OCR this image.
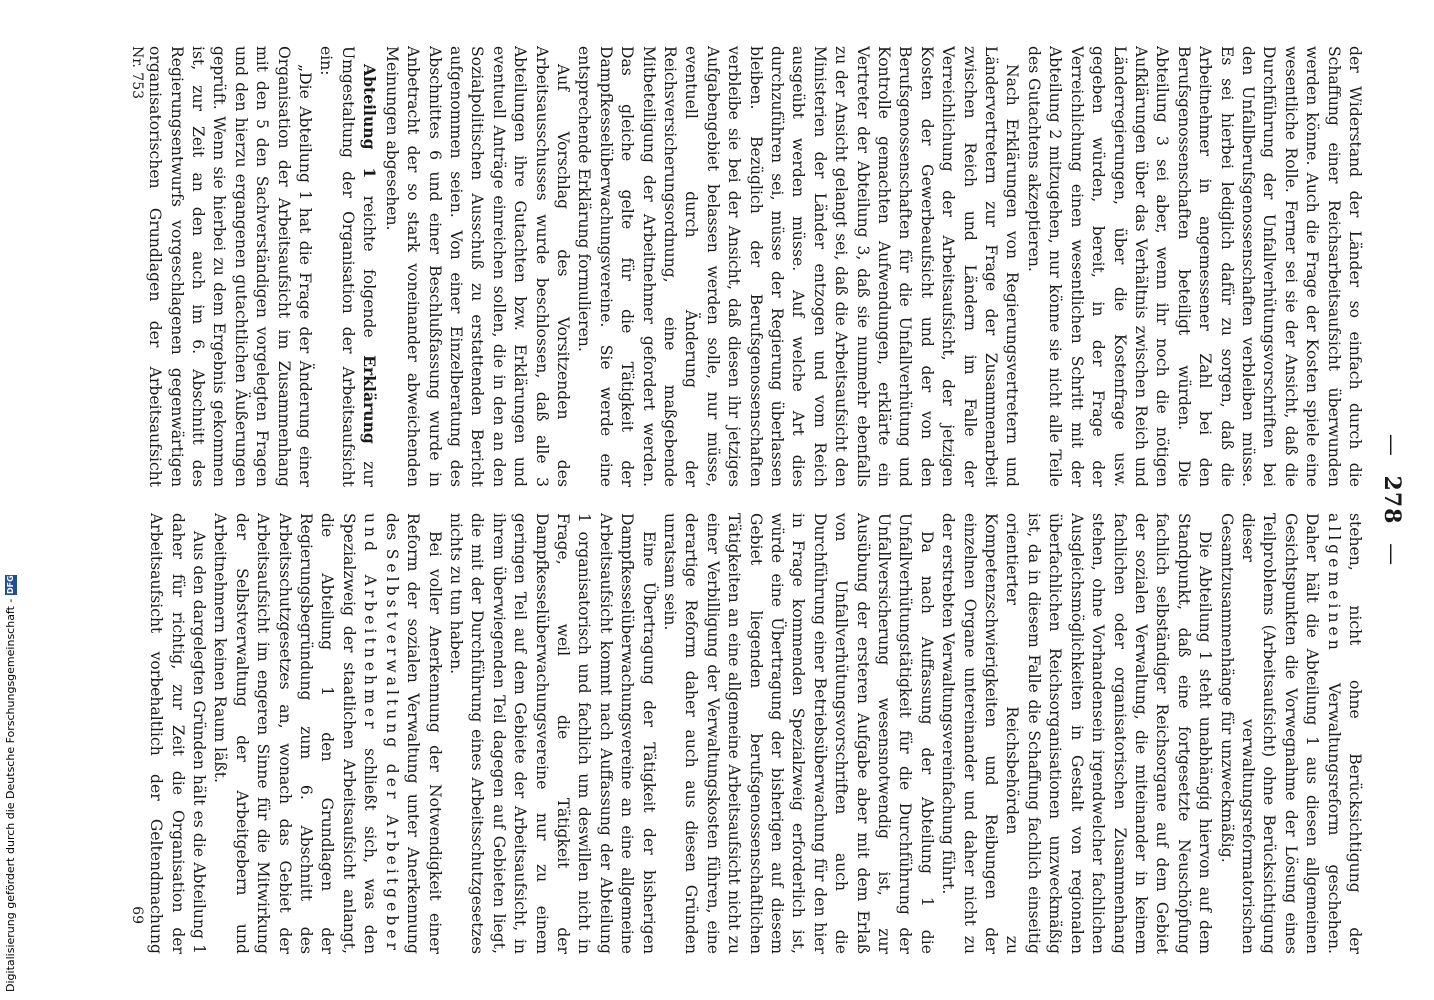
— 278 —

der Widerstand der Länder so einfach durch die Schaffung einer Reichsarbeitsaufsicht überwunden werden könne. Auch die Frage der Kosten spiele eine wesentliche Rolle. Ferner sei sie der Ansicht, daß die Durchführung der Unfallverhütungsvorschriften bei den Unfallberufsgenossenschaften verbleiben müsse. Es sei hierbei lediglich dafür zu sorgen, daß die Arbeitnehmer in angemessener Zahl bei den Berufsgenossenschaften beteiligt würden. Die Abteilung 3 sei aber, wenn ihr noch die nötigen Aufklärungen über das Verhältnis zwischen Reich und Länderregierungen, über die Kostenfrage usw. gegeben würden, bereit, in der Frage der Verreichlichung einen wesentlichen Schritt mit der Abteilung 2 mitzugehen, nur könne sie nicht alle Teile des Gutachtens akzeptieren.

Nach Erklärungen von Regierungsvertretern und Ländervertretern zur Frage der Zusammenarbeit zwischen Reich und Ländern im Falle der Verreichlichung der Arbeitsaufsicht, der jetzigen Kosten der Gewerbeaufsicht und der von den Berufsgenossenschaften für die Unfallverhütung und Kontrolle gemachten Aufwendungen, erklärte ein Vertreter der Abteilung 3, daß sie nunmehr ebenfalls zu der Ansicht gelangt sei, daß die Arbeitsaufsicht den Ministerien der Länder entzogen und vom Reich ausgeübt werden müsse. Auf welche Art dies durchzuführen sei, müsse der Regierung überlassen bleiben. Bezüglich der Berufsgenossenschaften verbleibe sie bei der Ansicht, daß diesen ihr jetziges Aufgabengebiet belassen werden solle, nur müsse, eventuell durch Änderung der Reichsversicherungsordnung, eine maßgebende Mitbeteiligung der Arbeitnehmer gefordert werden. Das gleiche gelte für die Tätigkeit der Dampfkesselüberwachungsvereine. Sie werde eine entsprechende Erklärung formulieren.

Auf Vorschlag des Vorsitzenden des Arbeitsausschusses wurde beschlossen, daß alle 3 Abteilungen ihre Gutachten bzw. Erklärungen und eventuell Anträge einreichen sollen, die in den an den Sozialpolitischen Ausschuß zu erstattenden Bericht aufgenommen seien. Von einer Einzelberatung des Abschnittes 6 und einer Beschlußfassung wurde in Anbetracht der so stark voneinander abweichenden Meinungen abgesehen.

Abteilung 1 reichte folgende Erklärung zur Umgestaltung der Organisation der Arbeitsaufsicht ein:

„Die Abteilung 1 hat die Frage der Änderung einer Organisation der Arbeitsaufsicht im Zusammenhang mit den 5 den Sachverständigen vorgelegten Fragen und den hierzu ergangenen gutachtlichen Äußerungen geprüft. Wenn sie hierbei zu dem Ergebnis gekommen ist, zur Zeit an den auch im 6. Abschnitt des Regierungsentwurfs vorgeschlagenen gegenwärtigen organisatorischen Grundlagen der Arbeitsaufsicht

stehen, nicht ohne Berücksichtigung der allgemeinen Verwaltungsreform geschehen. Daher hält die Abteilung 1 aus diesen allgemeinen Gesichtspunkten die Vorwegnahme der Lösung eines Teilproblems (Arbeitsaufsicht) ohne Berücksichtigung dieser verwaltungsreformatorischen Gesamtzusammenhänge für unzweckmäßig.

Die Abteilung 1 steht unabhängig hiervon auf dem Standpunkt, daß eine fortgesetzte Neuschöpfung fachlich selbständiger Reichsorgane auf dem Gebiet der sozialen Verwaltung, die miteinander in keinem fachlichen oder organisatorischen Zusammenhang stehen, ohne Vorhandensein irgendwelcher fachlichen Ausgleichsmöglichkeiten in Gestalt von regionalen überfachlichen Reichsorganisationen unzweckmäßig ist, da in diesem Falle die Schaffung fachlich einseitig orientierter Reichsbehörden zu Kompetenzschwierigkeiten und Reibungen der einzelnen Organe untereinander und daher nicht zu der erstrebten Verwaltungsvereinfachung führt.

Da nach Auffassung der Abteilung 1 die Unfallverhütungstätigkeit für die Durchführung der Unfallversicherung wesensnotwendig ist, zur Ausübung der ersteren Aufgabe aber mit dem Erlaß von Unfallverhütungsvorschriften auch die Durchführung einer Betriebsüberwachung für den hier in Frage kommenden Spezialzweig erforderlich ist, würde eine Übertragung der bisherigen auf diesem Gebiet liegenden berufsgenossenschaftlichen Tätigkeiten an eine allgemeine Arbeitsaufsicht nicht zu einer Verbilligung der Verwaltungskosten führen, eine derartige Reform daher auch aus diesen Gründen unratsam sein.

Eine Übertragung der Tätigkeit der bisherigen Dampfkesselüberwachungsvereine an eine allgemeine Arbeitsaufsicht kommt nach Auffassung der Abteilung 1 organisatorisch und fachlich um deswillen nicht in Frage, weil die Tätigkeit der Dampfkesselüberwachungsvereine nur zu einem geringen Teil auf dem Gebiete der Arbeitsaufsicht, in ihrem überwiegenden Teil dagegen auf Gebieten liegt, die mit der Durchführung eines Arbeitsschutzgesetzes nichts zu tun haben.

Bei voller Anerkennung der Notwendigkeit einer Reform der sozialen Verwaltung unter Anerkennung des Selbstverwaltung der Arbeitgeber und Arbeitnehmer schließt sich, was den Spezialzweig der staatlichen Arbeitsaufsicht anlangt, die Abteilung 1 den Grundlagen der Regierungsbegründung zum 6. Abschnitt des Arbeitsschutzgesetzes an, wonach das Gebiet der Arbeitsaufsicht im engeren Sinne für die Mitwirkung der Selbstverwaltung der Arbeitgebern und Arbeitnehmern keinen Raum läßt.

Aus den dargelegten Gründen hält es die Abteilung 1 daher für richtig, zur Zeit die Organisation der Arbeitsaufsicht vorbehaltlich der Geltendmachung

Nr. 753
69
Digitalisierung gefördert durch die Deutsche Forschungsgemeinschaft -
DFG
